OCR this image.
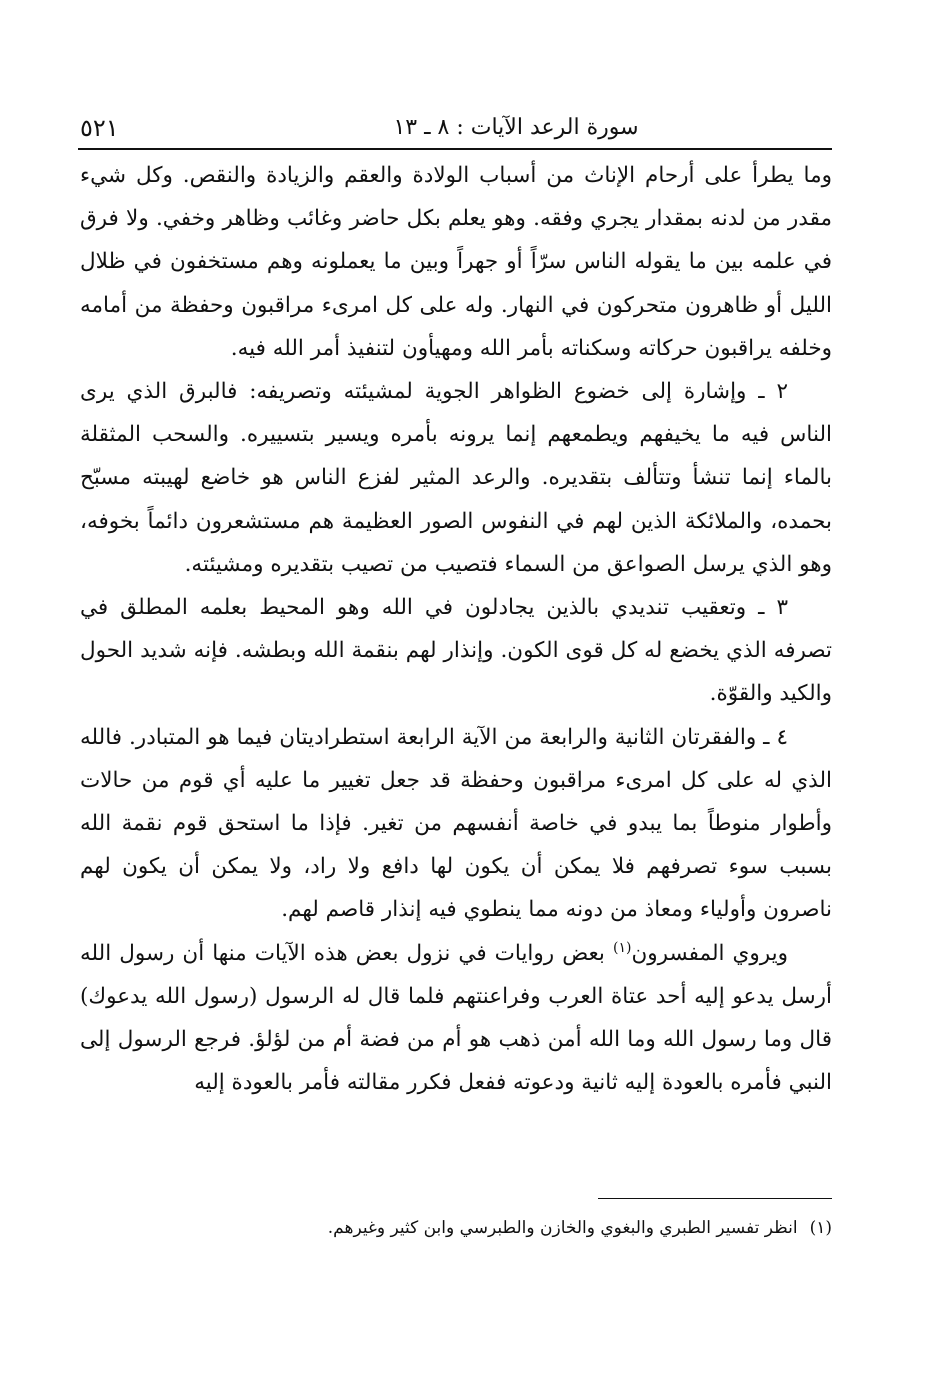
سورة الرعد الآيات : ٨ ـ ١٣
٥٢١

وما يطرأ على أرحام الإناث من أسباب الولادة والعقم والزيادة والنقص. وكل شيء مقدر من لدنه بمقدار يجري وفقه. وهو يعلم بكل حاضر وغائب وظاهر وخفي. ولا فرق في علمه بين ما يقوله الناس سرّاً أو جهراً وبين ما يعملونه وهم مستخفون في ظلال الليل أو ظاهرون متحركون في النهار. وله على كل امرىء مراقبون وحفظة من أمامه وخلفه يراقبون حركاته وسكناته بأمر الله ومهيأون لتنفيذ أمر الله فيه.

٢ ـ وإشارة إلى خضوع الظواهر الجوية لمشيئته وتصريفه: فالبرق الذي يرى الناس فيه ما يخيفهم ويطمعهم إنما يرونه بأمره ويسير بتسييره. والسحب المثقلة بالماء إنما تنشأ وتتألف بتقديره. والرعد المثير لفزع الناس هو خاضع لهيبته مسبّح بحمده، والملائكة الذين لهم في النفوس الصور العظيمة هم مستشعرون دائماً بخوفه، وهو الذي يرسل الصواعق من السماء فتصيب من تصيب بتقديره ومشيئته.

٣ ـ وتعقيب تنديدي بالذين يجادلون في الله وهو المحيط بعلمه المطلق في تصرفه الذي يخضع له كل قوى الكون. وإنذار لهم بنقمة الله وبطشه. فإنه شديد الحول والكيد والقوّة.

٤ ـ والفقرتان الثانية والرابعة من الآية الرابعة استطراديتان فيما هو المتبادر. فالله الذي له على كل امرىء مراقبون وحفظة قد جعل تغيير ما عليه أي قوم من حالات وأطوار منوطاً بما يبدو في خاصة أنفسهم من تغير. فإذا ما استحق قوم نقمة الله بسبب سوء تصرفهم فلا يمكن أن يكون لها دافع ولا راد، ولا يمكن أن يكون لهم ناصرون وأولياء ومعاذ من دونه مما ينطوي فيه إنذار قاصم لهم.

ويروي المفسرون$^{(١)}$ بعض روايات في نزول بعض هذه الآيات منها أن رسول الله أرسل يدعو إليه أحد عتاة العرب وفراعنتهم فلما قال له الرسول (رسول الله يدعوك) قال وما رسول الله وما الله أمن ذهب هو أم من فضة أم من لؤلؤ. فرجع الرسول إلى النبي فأمره بالعودة إليه ثانية ودعوته ففعل فكرر مقالته فأمر بالعودة إليه

(١)انظر تفسير الطبري والبغوي والخازن والطبرسي وابن كثير وغيرهم.
